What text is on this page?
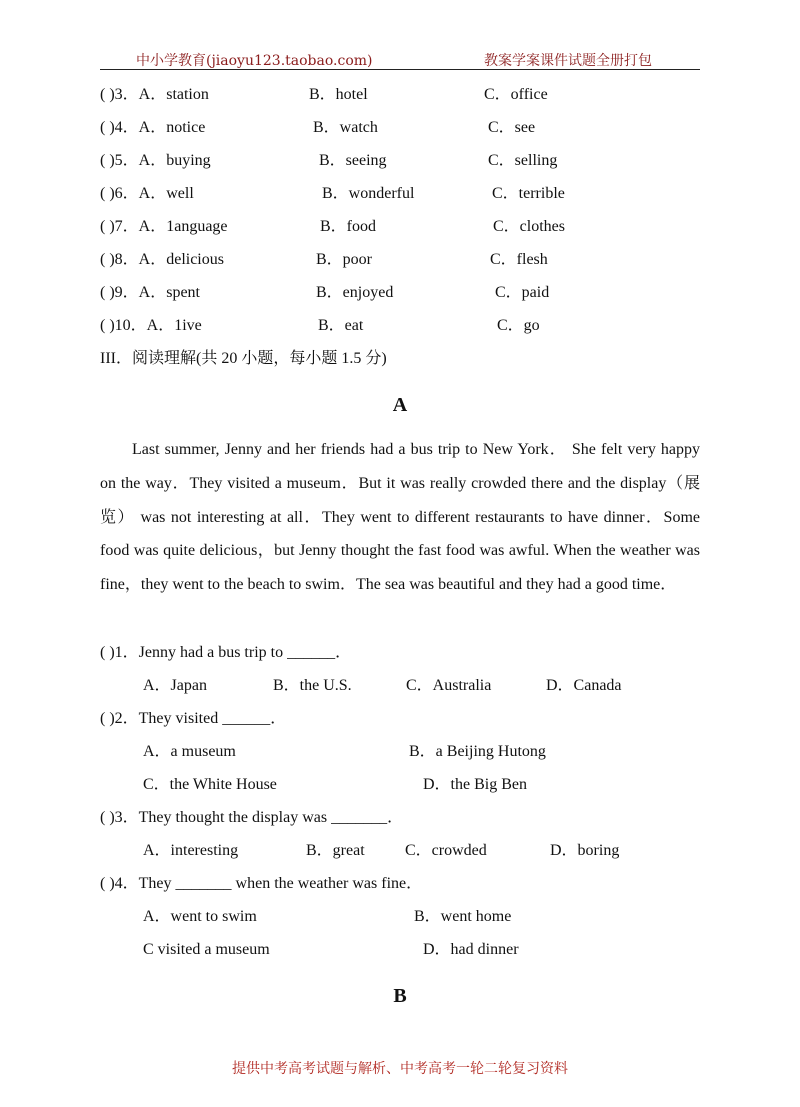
中小学教育(jiaoyu123.taobao.com)	教案学案课件试题全册打包
( )3．A．station	B．hotel	C．office
( )4．A．notice	B．watch	C．see
( )5．A．buying	B．seeing	C．selling
( )6．A．well	B．wonderful	C．terrible
( )7．A．1anguage	B．food	C．clothes
( )8．A．delicious	B．poor	C．flesh
( )9．A．spent	B．enjoyed	C．paid
( )10．A．1ive	B．eat	C．go
III．阅读理解(共 20 小题，每小题 1.5 分)
A

Last summer, Jenny and her friends had a bus trip to New York． She felt very happy on the way．They visited a museum．But it was really crowded there and the display（展览） was not interesting at all．They went to different restaurants to have dinner．Some food was quite delicious，but Jenny thought the fast food was awful. When the weather was fine，they went to the beach to swim．The sea was beautiful and they had a good time．

( )1．Jenny had a bus trip to ______．
A．Japan	B．the U.S.	C．Australia	D．Canada
( )2．They visited ______．
A．a museum	B．a Beijing Hutong
C．the White House	D．the Big Ben
( )3．They thought the display was _______．
A．interesting	B．great	C．crowded	D．boring
( )4．They _______ when the weather was fine．
A．went to swim	B．went home
C visited a museum	D．had dinner
B
提供中考高考试题与解析、中考高考一轮二轮复习资料
